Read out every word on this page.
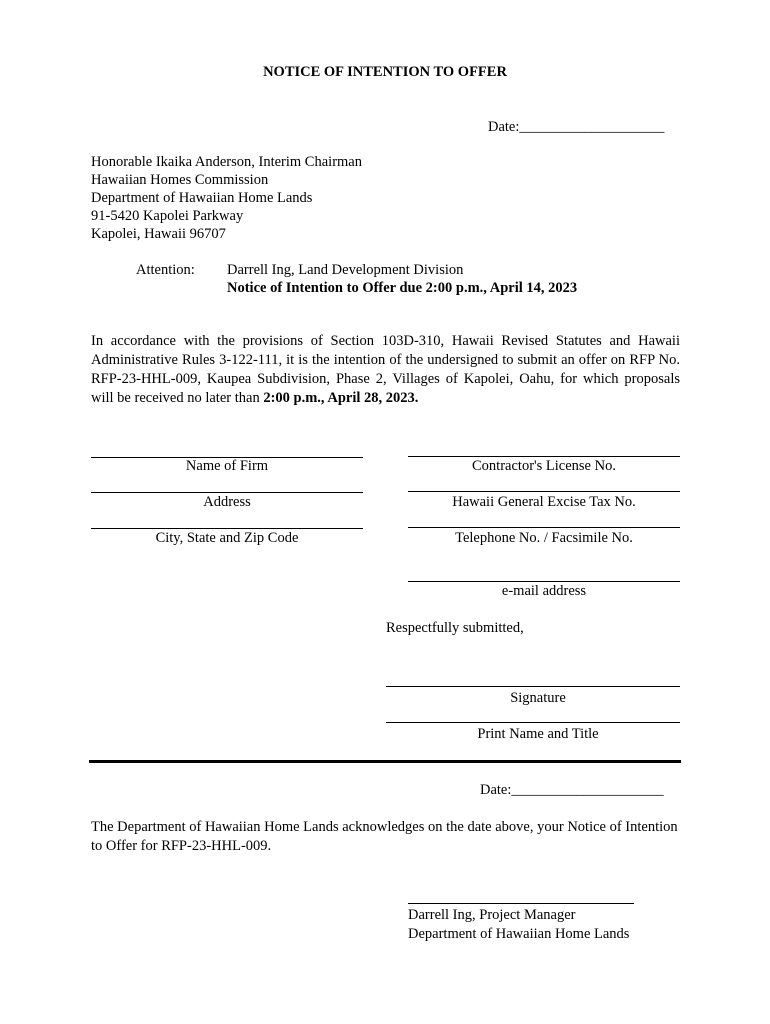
NOTICE OF INTENTION TO OFFER
Date:____________________
Honorable Ikaika Anderson, Interim Chairman
Hawaiian Homes Commission
Department of Hawaiian Home Lands
91-5420 Kapolei Parkway
Kapolei, Hawaii 96707
Attention: Darrell Ing, Land Development Division
Notice of Intention to Offer due 2:00 p.m., April 14, 2023
In accordance with the provisions of Section 103D-310, Hawaii Revised Statutes and Hawaii Administrative Rules 3-122-111, it is the intention of the undersigned to submit an offer on RFP No. RFP-23-HHL-009, Kaupea Subdivision, Phase 2, Villages of Kapolei, Oahu, for which proposals will be received no later than 2:00 p.m., April 28, 2023.
Name of Firm
Address
City, State and Zip Code
Contractor's License No.
Hawaii General Excise Tax No.
Telephone No. / Facsimile No.
e-mail address
Respectfully submitted,
Signature
Print Name and Title
Date:_____________________
The Department of Hawaiian Home Lands acknowledges on the date above, your Notice of Intention to Offer for RFP-23-HHL-009.
Darrell Ing, Project Manager
Department of Hawaiian Home Lands
